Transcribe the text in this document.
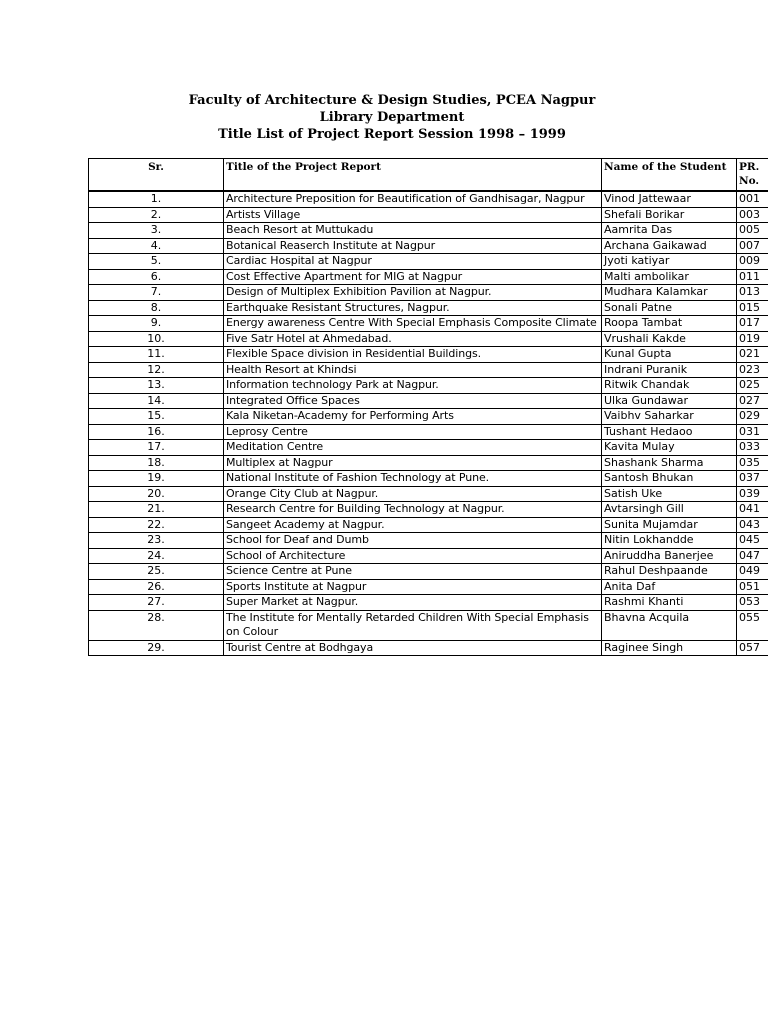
Faculty of Architecture & Design Studies, PCEA Nagpur
Library Department
Title List of Project Report Session 1998 – 1999
Sr.	Title of the Project Report	Name of the Student	PR.
No.
1.	Architecture Preposition for Beautification of Gandhisagar, Nagpur	Vinod Jattewaar	001
2.	Artists Village	Shefali Borikar	003
3.	Beach Resort at Muttukadu	Aamrita Das	005
4.	Botanical Reaserch Institute at Nagpur	Archana Gaikawad	007
5.	Cardiac Hospital at Nagpur	Jyoti katiyar	009
6.	Cost Effective Apartment for MIG at Nagpur	Malti ambolikar	011
7.	Design of Multiplex Exhibition Pavilion at Nagpur.	Mudhara Kalamkar	013
8.	Earthquake Resistant Structures, Nagpur.	Sonali Patne	015
9.	Energy awareness Centre With Special Emphasis Composite Climate	Roopa Tambat	017
10.	Five Satr Hotel at Ahmedabad.	Vrushali Kakde	019
11.	Flexible Space division in Residential Buildings.	Kunal Gupta	021
12.	Health Resort at Khindsi	Indrani Puranik	023
13.	Information technology Park at Nagpur.	Ritwik Chandak	025
14.	Integrated Office Spaces	Ulka Gundawar	027
15.	Kala Niketan-Academy for Performing Arts	Vaibhv Saharkar	029
16.	Leprosy Centre	Tushant Hedaoo	031
17.	Meditation Centre	Kavita Mulay	033
18.	Multiplex at Nagpur	Shashank Sharma	035
19.	National Institute of Fashion Technology at Pune.	Santosh Bhukan	037
20.	Orange City Club at Nagpur.	Satish Uke	039
21.	Research Centre for Building Technology at Nagpur.	Avtarsingh Gill	041
22.	Sangeet Academy at Nagpur.	Sunita Mujamdar	043
23.	School for Deaf and Dumb	Nitin Lokhandde	045
24.	School of Architecture	Aniruddha Banerjee	047
25.	Science Centre at Pune	Rahul Deshpaande	049
26.	Sports Institute at Nagpur	Anita Daf	051
27.	Super Market at Nagpur.	Rashmi Khanti	053
28.	The Institute for Mentally Retarded Children With Special Emphasis on Colour	Bhavna Acquila	055
29.	Tourist Centre at Bodhgaya	Raginee Singh	057
